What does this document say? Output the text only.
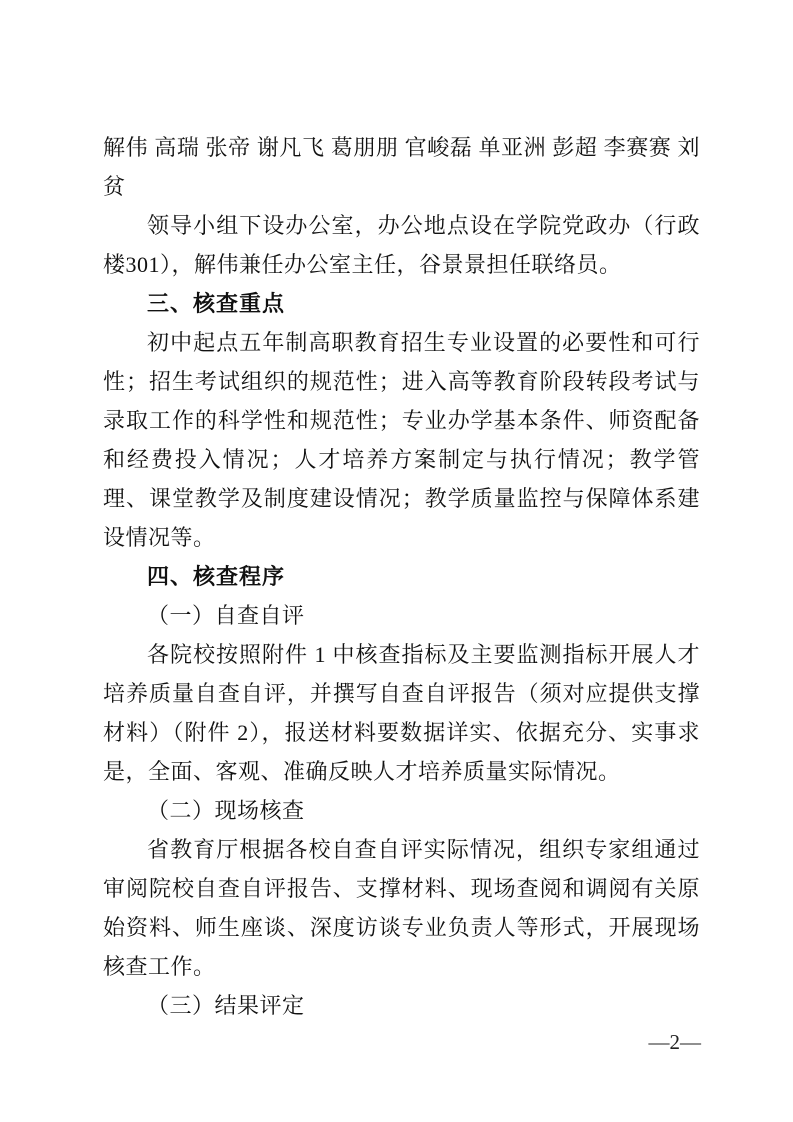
解伟 高瑞 张帝 谢凡飞 葛朋朋 官峻磊 单亚洲 彭超 李赛赛 刘贫

领导小组下设办公室，办公地点设在学院党政办（行政楼301），解伟兼任办公室主任，谷景景担任联络员。

三、核查重点

初中起点五年制高职教育招生专业设置的必要性和可行性；招生考试组织的规范性；进入高等教育阶段转段考试与录取工作的科学性和规范性；专业办学基本条件、师资配备和经费投入情况；人才培养方案制定与执行情况；教学管理、课堂教学及制度建设情况；教学质量监控与保障体系建设情况等。

四、核查程序

（一）自查自评

各院校按照附件 1 中核查指标及主要监测指标开展人才培养质量自查自评，并撰写自查自评报告（须对应提供支撑材料）（附件 2），报送材料要数据详实、依据充分、实事求是，全面、客观、准确反映人才培养质量实际情况。

（二）现场核查

省教育厅根据各校自查自评实际情况，组织专家组通过审阅院校自查自评报告、支撑材料、现场查阅和调阅有关原始资料、师生座谈、深度访谈专业负责人等形式，开展现场核查工作。

（三）结果评定

—2—
